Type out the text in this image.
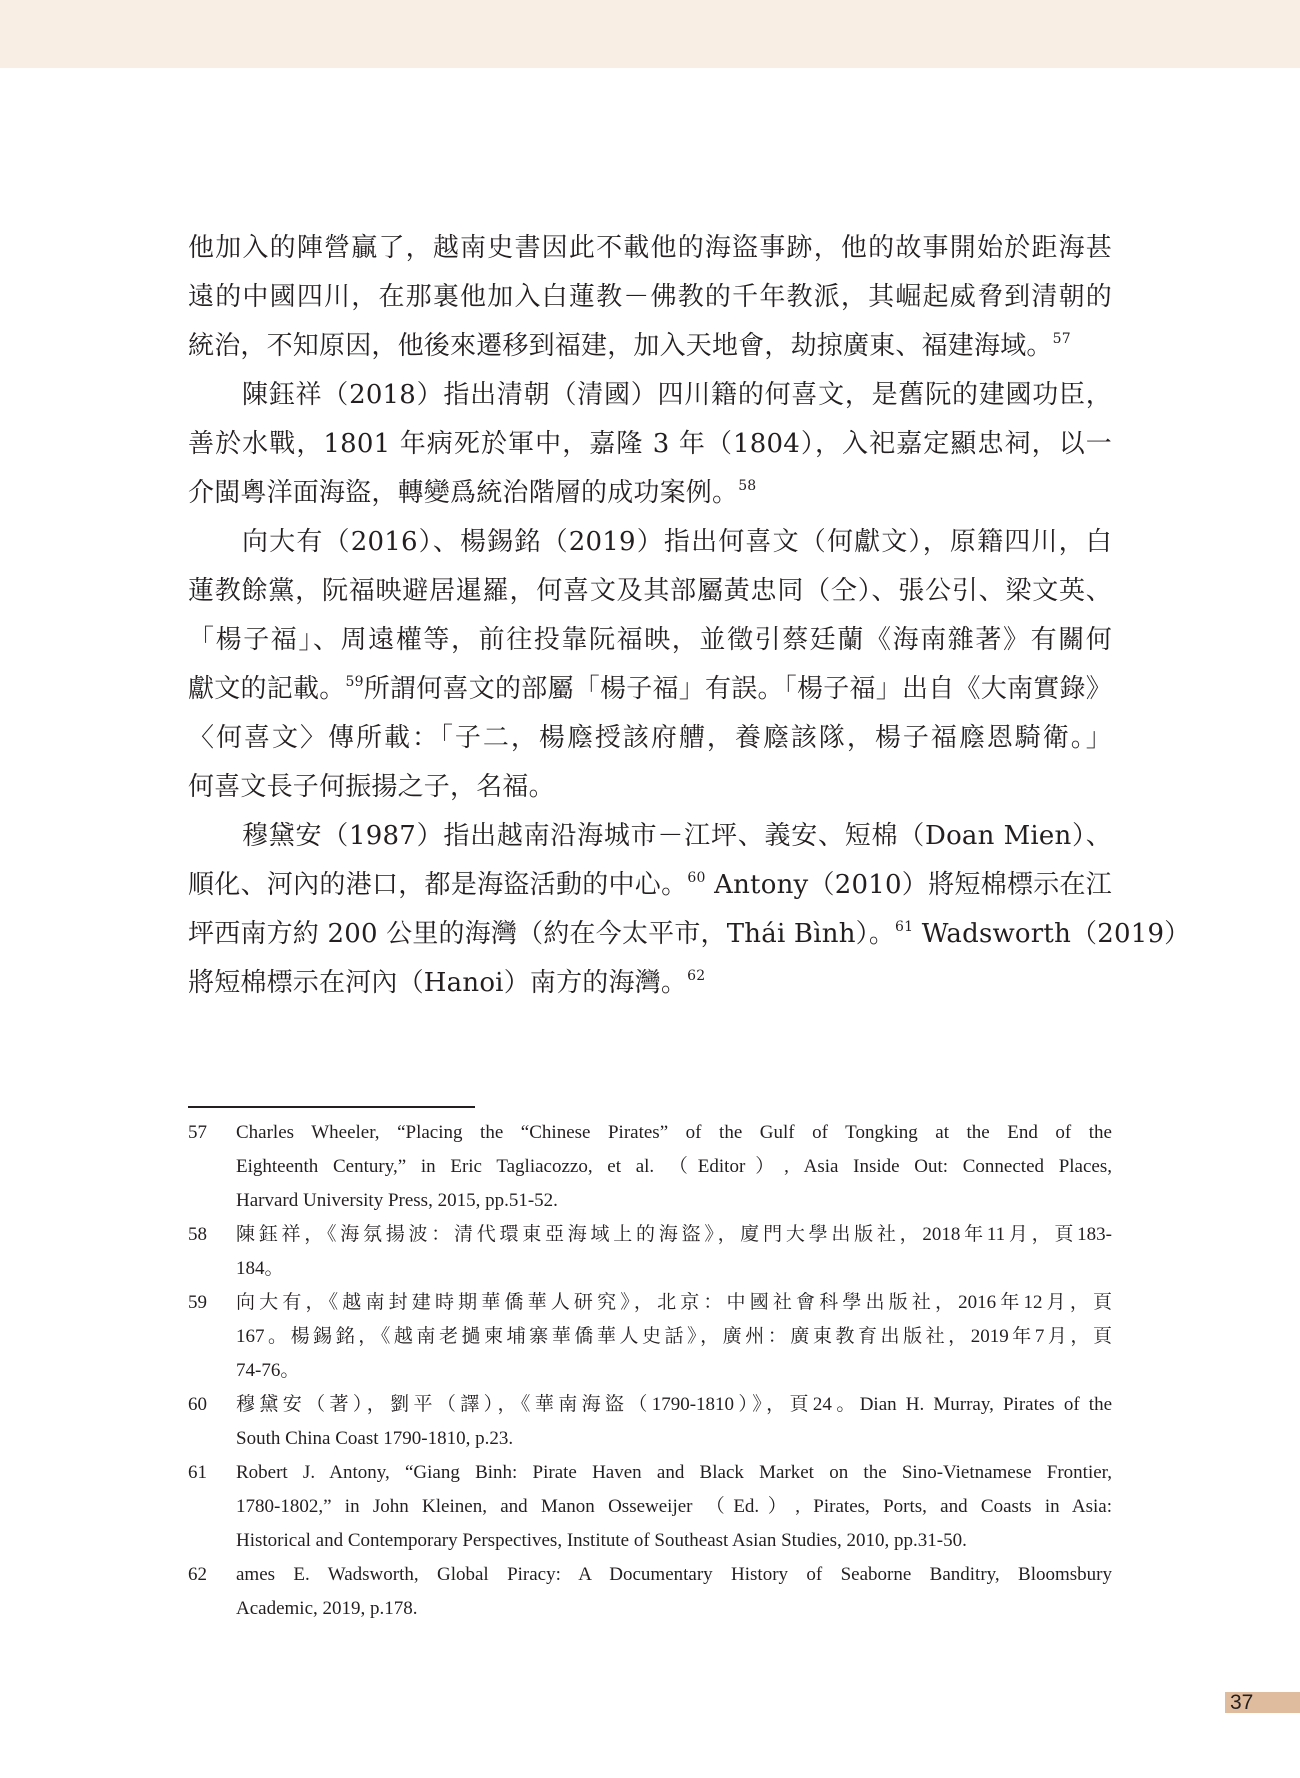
他加入的陣營贏了，越南史書因此不載他的海盜事跡，他的故事開始於距海甚
遠的中國四川，在那裏他加入白蓮教－佛教的千年教派，其崛起威脅到清朝的
統治，不知原因，他後來遷移到福建，加入天地會，劫掠廣東、福建海域。$^{57}$
陳鈺祥（2018）指出清朝（清國）四川籍的何喜文，是舊阮的建國功臣，
善於水戰，1801 年病死於軍中，嘉隆 3 年（1804），入祀嘉定顯忠祠，以一
介閩粵洋面海盜，轉變爲統治階層的成功案例。$^{58}$
向大有（2016）、楊錫銘（2019）指出何喜文（何獻文），原籍四川，白
蓮教餘黨，阮福映避居暹羅，何喜文及其部屬黃忠同（仝）、張公引、梁文英、
「楊子福」、周遠權等，前往投靠阮福映，並徵引蔡廷蘭《海南雜著》有關何
獻文的記載。$^{59}$所謂何喜文的部屬「楊子福」有誤。「楊子福」出自《大南實錄》
〈何喜文〉傳所載：「子二，楊廕授該府艚，養廕該隊，楊子福廕恩騎衛。」
何喜文長子何振揚之子，名福。
穆黛安（1987）指出越南沿海城市－江坪、義安、短棉（Doan Mien）、
順化、河內的港口，都是海盜活動的中心。$^{60}$ Antony（2010）將短棉標示在江
坪西南方約 200 公里的海灣（約在今太平市，Thái Bình）。$^{61}$ Wadsworth（2019）
將短棉標示在河內（Hanoi）南方的海灣。$^{62}$
57 Charles Wheeler, “Placing the “Chinese Pirates” of the Gulf of Tongking at the End of the
Eighteenth Century,” in Eric Tagliacozzo, et al. （Editor）, Asia Inside Out: Connected Places,
Harvard University Press, 2015, pp.51-52.
58 陳鈺祥，《海氛揚波：清代環東亞海域上的海盜》，廈門大學出版社，2018年11月，頁183-
184。
59 向大有，《越南封建時期華僑華人研究》，北京：中國社會科學出版社，2016年12月，頁
167。楊錫銘，《越南老撾柬埔寨華僑華人史話》，廣州：廣東教育出版社，2019年7月，頁
74-76。
60 穆黛安（著），劉平（譯），《華南海盜（1790-1810）》，頁24。Dian H. Murray, Pirates of the
South China Coast 1790-1810, p.23.
61 Robert J. Antony, “Giang Binh: Pirate Haven and Black Market on the Sino-Vietnamese Frontier,
1780-1802,” in John Kleinen, and Manon Osseweijer （Ed.）, Pirates, Ports, and Coasts in Asia:
Historical and Contemporary Perspectives, Institute of Southeast Asian Studies, 2010, pp.31-50.
62 ames E. Wadsworth, Global Piracy: A Documentary History of Seaborne Banditry, Bloomsbury
Academic, 2019, p.178.
37
